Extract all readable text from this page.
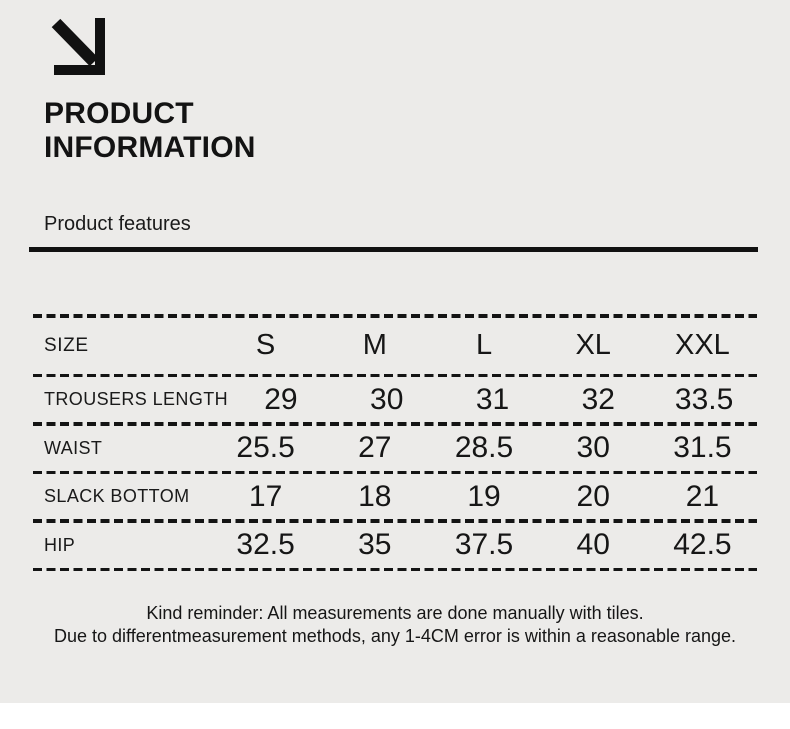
PRODUCT
INFORMATION
Product features
SIZE	S	M	L	XL	XXL
TROUSERS LENGTH	29	30	31	32	33.5
WAIST	25.5	27	28.5	30	31.5
SLACK BOTTOM	17	18	19	20	21
HIP	32.5	35	37.5	40	42.5
Kind reminder: All measurements are done manually with tiles.
Due to differentmeasurement methods, any 1-4CM error is within a reasonable range.
